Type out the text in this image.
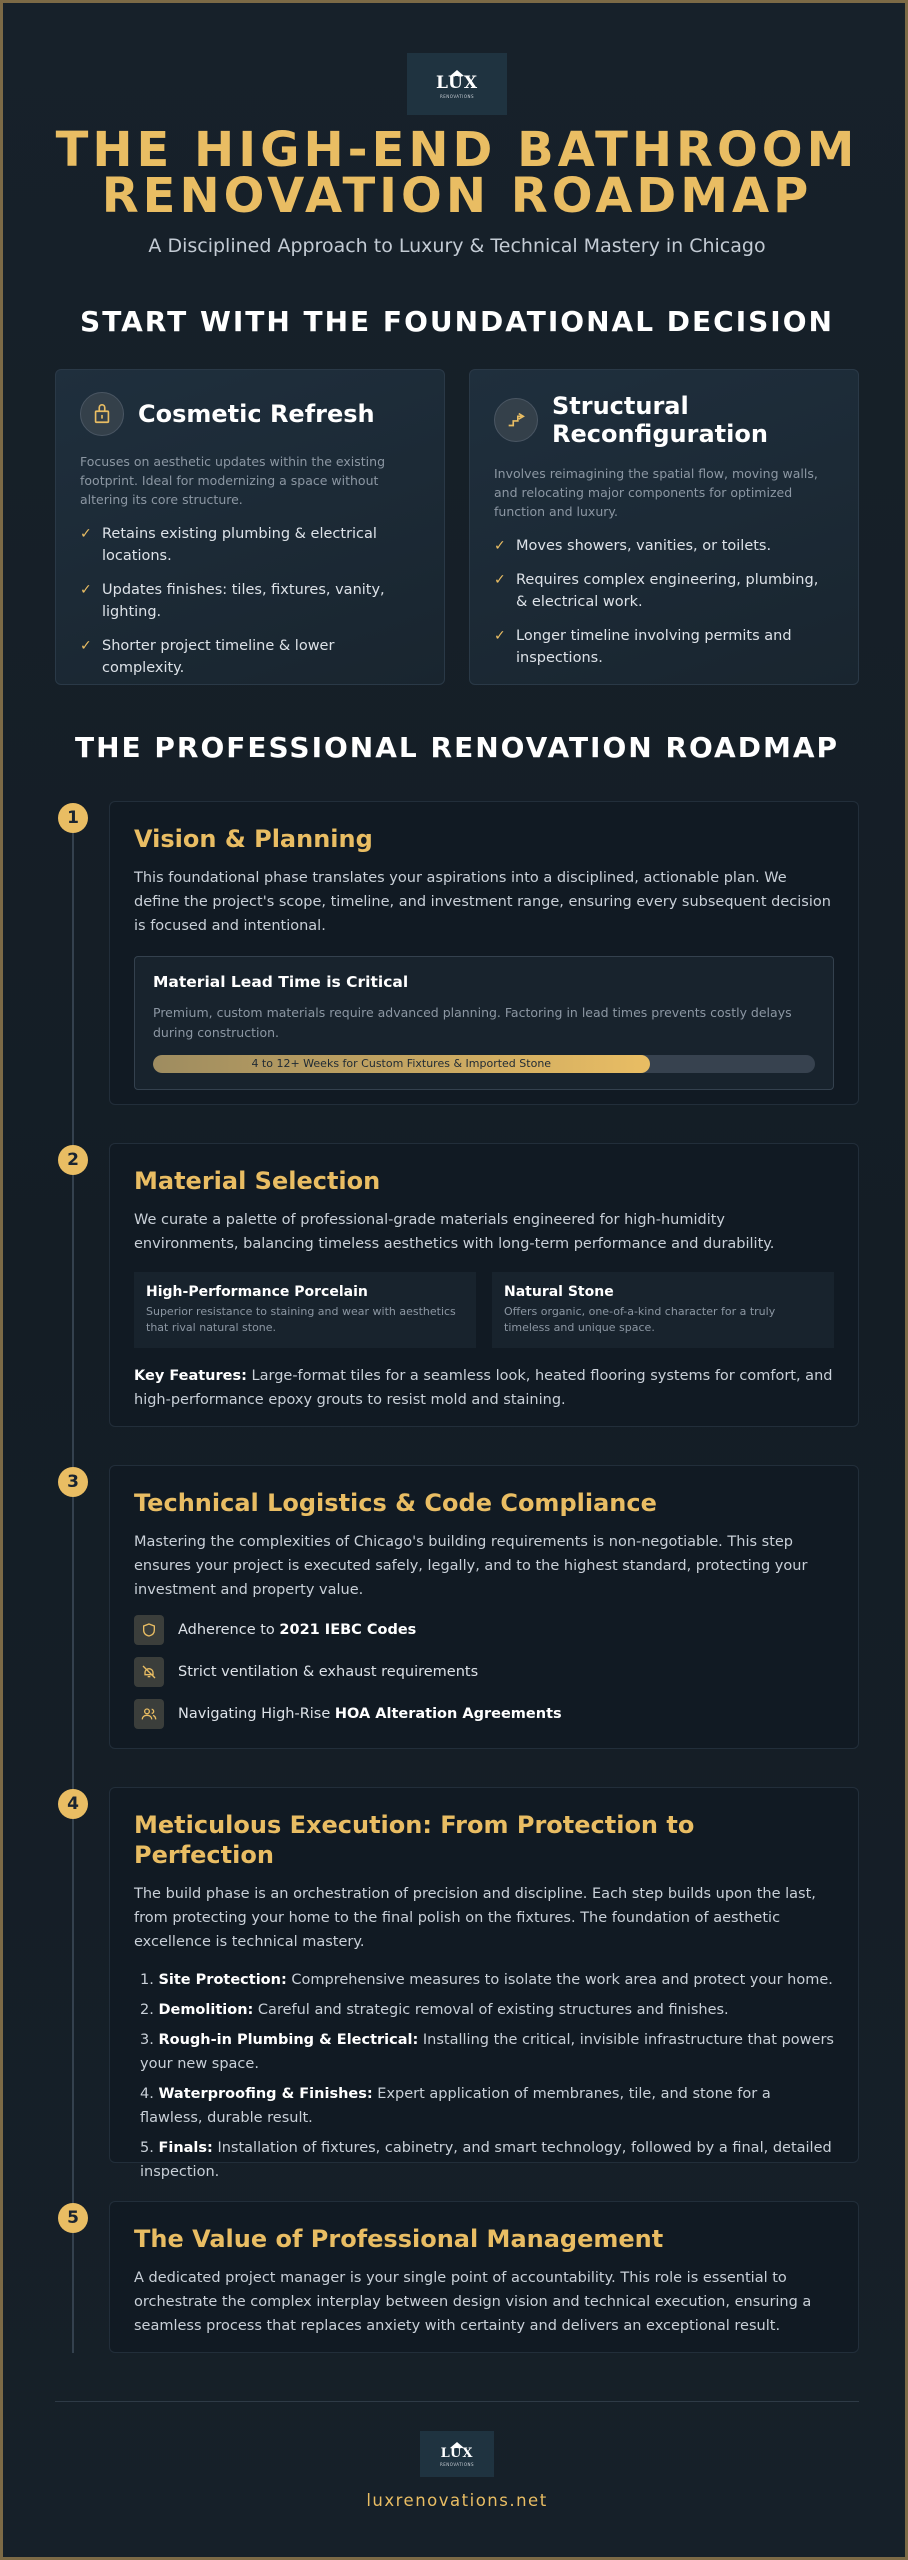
LUX
RENOVATIONS
THE HIGH-END BATHROOM
RENOVATION ROADMAP
A Disciplined Approach to Luxury & Technical Mastery in Chicago
START WITH THE FOUNDATIONAL DECISION
Cosmetic Refresh
Focuses on aesthetic updates within the existing footprint. Ideal for modernizing a space without altering its core structure.
✓ Retains existing plumbing & electrical locations.
✓ Updates finishes: tiles, fixtures, vanity, lighting.
✓ Shorter project timeline & lower complexity.
Structural Reconfiguration
Involves reimagining the spatial flow, moving walls, and relocating major components for optimized function and luxury.
✓ Moves showers, vanities, or toilets.
✓ Requires complex engineering, plumbing, & electrical work.
✓ Longer timeline involving permits and inspections.
THE PROFESSIONAL RENOVATION ROADMAP
1
Vision & Planning
This foundational phase translates your aspirations into a disciplined, actionable plan. We define the project's scope, timeline, and investment range, ensuring every subsequent decision is focused and intentional.
Material Lead Time is Critical
Premium, custom materials require advanced planning. Factoring in lead times prevents costly delays during construction.
4 to 12+ Weeks for Custom Fixtures & Imported Stone
2
Material Selection
We curate a palette of professional-grade materials engineered for high-humidity environments, balancing timeless aesthetics with long-term performance and durability.
High-Performance Porcelain
Superior resistance to staining and wear with aesthetics that rival natural stone.
Natural Stone
Offers organic, one-of-a-kind character for a truly timeless and unique space.
Key Features: Large-format tiles for a seamless look, heated flooring systems for comfort, and high-performance epoxy grouts to resist mold and staining.
3
Technical Logistics & Code Compliance
Mastering the complexities of Chicago's building requirements is non-negotiable. This step ensures your project is executed safely, legally, and to the highest standard, protecting your investment and property value.
Adherence to 2021 IEBC Codes
Strict ventilation & exhaust requirements
Navigating High-Rise HOA Alteration Agreements
4
Meticulous Execution: From Protection to Perfection
The build phase is an orchestration of precision and discipline. Each step builds upon the last, from protecting your home to the final polish on the fixtures. The foundation of aesthetic excellence is technical mastery.
1. Site Protection: Comprehensive measures to isolate the work area and protect your home.
2. Demolition: Careful and strategic removal of existing structures and finishes.
3. Rough-in Plumbing & Electrical: Installing the critical, invisible infrastructure that powers your new space.
4. Waterproofing & Finishes: Expert application of membranes, tile, and stone for a flawless, durable result.
5. Finals: Installation of fixtures, cabinetry, and smart technology, followed by a final, detailed inspection.
5
The Value of Professional Management
A dedicated project manager is your single point of accountability. This role is essential to orchestrate the complex interplay between design vision and technical execution, ensuring a seamless process that replaces anxiety with certainty and delivers an exceptional result.
LUX
RENOVATIONS
luxrenovations.net
